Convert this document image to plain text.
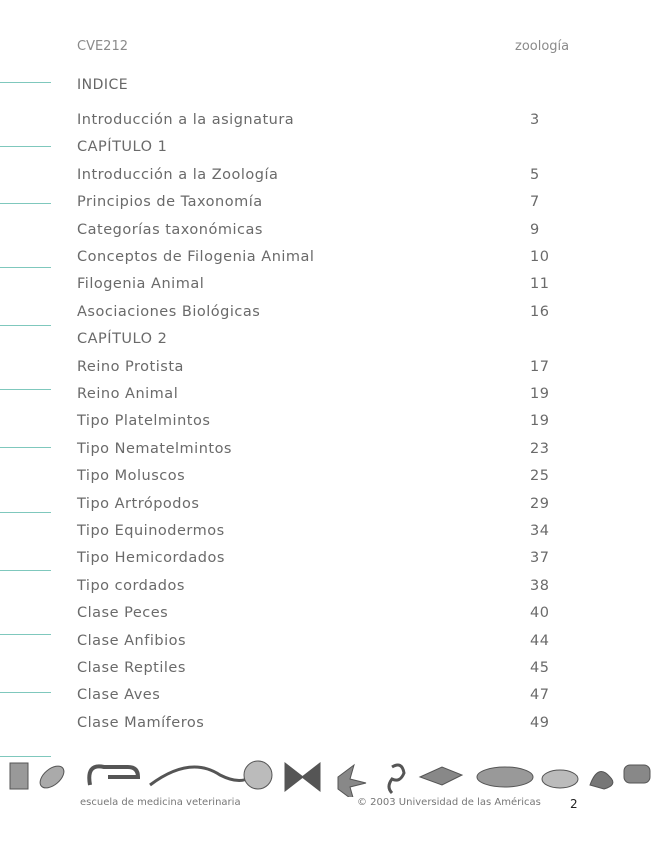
CVE212	zoología
INDICE
Introducción a la asignatura	3
CAPÍTULO 1
Introducción a la Zoología	5
Principios de Taxonomía	7
Categorías taxonómicas	9
Conceptos de Filogenia Animal	10
Filogenia Animal	11
Asociaciones Biológicas	16
CAPÍTULO 2
Reino Protista	17
Reino Animal	19
Tipo Platelmintos	19
Tipo Nematelmintos	23
Tipo Moluscos	25
Tipo Artrópodos	29
Tipo Equinodermos	34
Tipo Hemicordados	37
Tipo cordados	38
Clase Peces	40
Clase Anfibios	44
Clase Reptiles	45
Clase Aves	47
Clase Mamíferos	49
escuela de medicina veterinaria	© 2003 Universidad de las Américas 2
